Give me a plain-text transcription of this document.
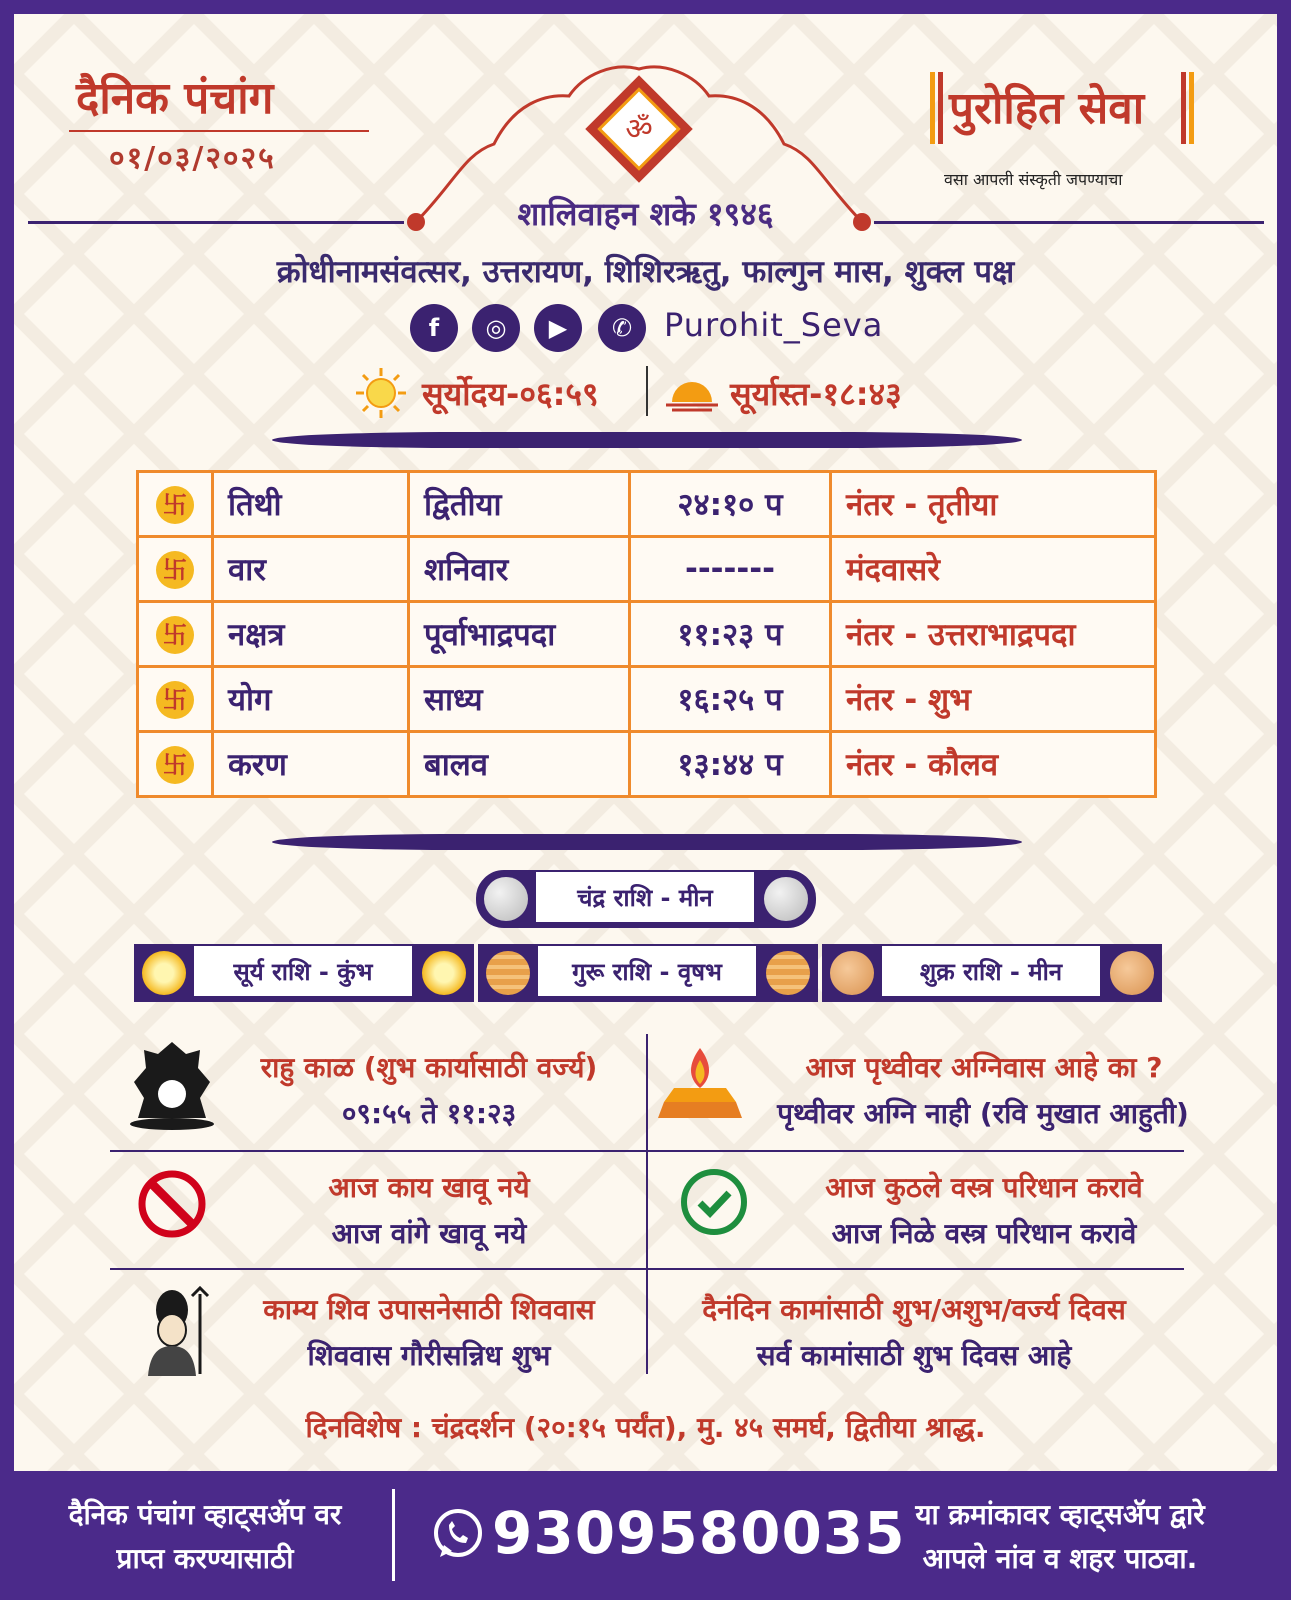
दैनिक पंचांग
०१/०३/२०२५
पुरोहित सेवा
वसा आपली संस्कृती जपण्याचा
ॐ
शालिवाहन शके १९४६
क्रोधीनामसंवत्सर, उत्तरायण, शिशिरऋतु, फाल्गुन मास, शुक्ल पक्ष
f	◎	▶	✆ Purohit_Seva
सूर्योदय-०६:५९	सूर्यास्त-१८:४३
卐	तिथी	द्वितीया	२४:१० प	नंतर - तृतीया
卐	वार	शनिवार	-------	मंदवासरे
卐	नक्षत्र	पूर्वाभाद्रपदा	११:२३ प	नंतर - उत्तराभाद्रपदा
卐	योग	साध्य	१६:२५ प	नंतर - शुभ
卐	करण	बालव	१३:४४ प	नंतर - कौलव
चंद्र राशि - मीन
सूर्य राशि - कुंभ	गुरू राशि - वृषभ	शुक्र राशि - मीन
राहु काळ (शुभ कार्यासाठी वर्ज्य)
०९:५५ ते ११:२३
आज पृथ्वीवर अग्निवास आहे का ?
पृथ्वीवर अग्नि नाही (रवि मुखात आहुती)
आज काय खावू नये
आज वांगे खावू नये
आज कुठले वस्त्र परिधान करावे
आज निळे वस्त्र परिधान करावे
काम्य शिव उपासनेसाठी शिववास
शिववास गौरीसन्निध शुभ
दैनंदिन कामांसाठी शुभ/अशुभ/वर्ज्य दिवस
सर्व कामांसाठी शुभ दिवस आहे
दिनविशेष : चंद्रदर्शन (२०:१५ पर्यंत), मु. ४५ समर्घ, द्वितीया श्राद्ध.
दैनिक पंचांग व्हाट्सॲप वर
प्राप्त करण्यासाठी	9309580035 या क्रमांकावर व्हाट्सॲप द्वारे
आपले नांव व शहर पाठवा.
